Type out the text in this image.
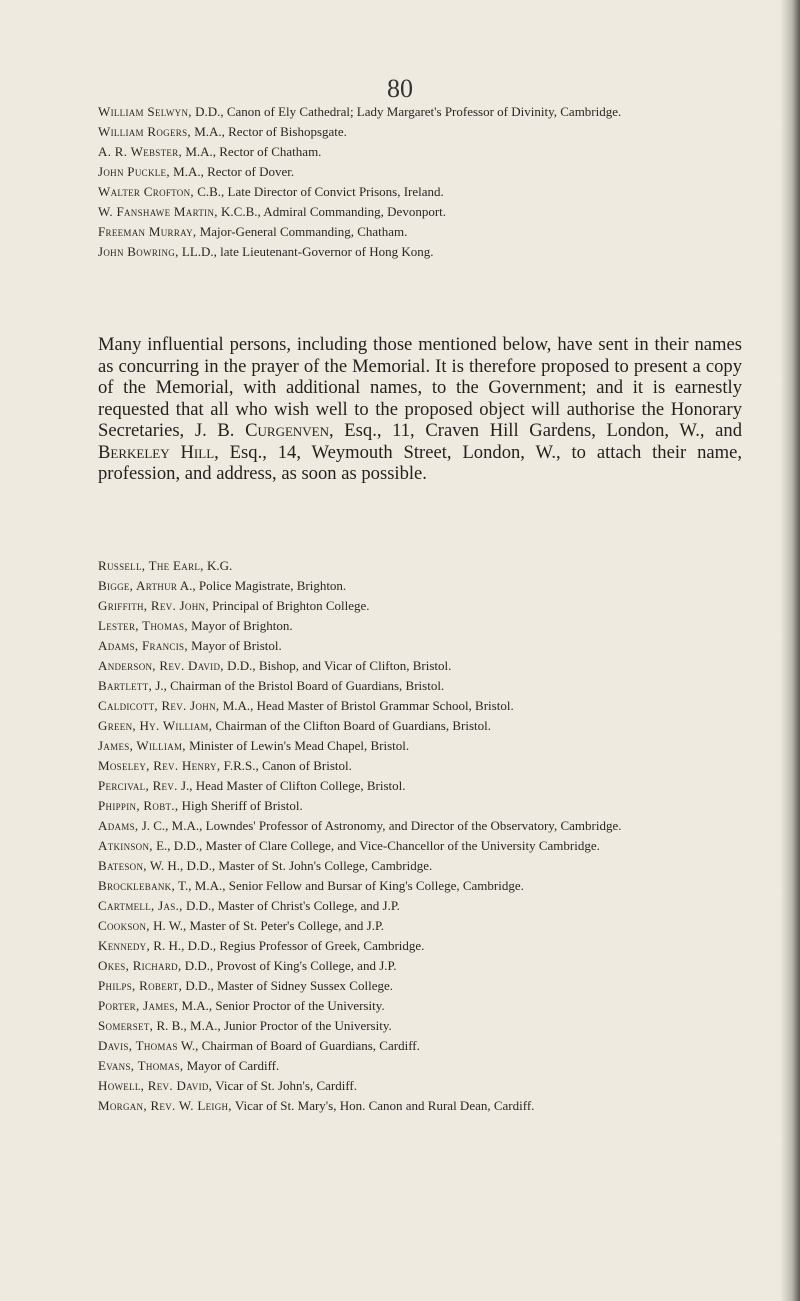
80
William Selwyn, D.D., Canon of Ely Cathedral; Lady Margaret's Professor of Divinity, Cambridge.
William Rogers, M.A., Rector of Bishopsgate.
A. R. Webster, M.A., Rector of Chatham.
John Puckle, M.A., Rector of Dover.
Walter Crofton, C.B., Late Director of Convict Prisons, Ireland.
W. Fanshawe Martin, K.C.B., Admiral Commanding, Devonport.
Freeman Murray, Major-General Commanding, Chatham.
John Bowring, LL.D., late Lieutenant-Governor of Hong Kong.
Many influential persons, including those mentioned below, have sent in their names as concurring in the prayer of the Memorial. It is therefore proposed to present a copy of the Memorial, with additional names, to the Government; and it is earnestly requested that all who wish well to the proposed object will authorise the Honorary Secretaries, J. B. Curgenven, Esq., 11, Craven Hill Gardens, London, W., and Berkeley Hill, Esq., 14, Weymouth Street, London, W., to attach their name, profession, and address, as soon as possible.
Russell, The Earl, K.G.
Bigge, Arthur A., Police Magistrate, Brighton.
Griffith, Rev. John, Principal of Brighton College.
Lester, Thomas, Mayor of Brighton.
Adams, Francis, Mayor of Bristol.
Anderson, Rev. David, D.D., Bishop, and Vicar of Clifton, Bristol.
Bartlett, J., Chairman of the Bristol Board of Guardians, Bristol.
Caldicott, Rev. John, M.A., Head Master of Bristol Grammar School, Bristol.
Green, Hy. William, Chairman of the Clifton Board of Guardians, Bristol.
James, William, Minister of Lewin's Mead Chapel, Bristol.
Moseley, Rev. Henry, F.R.S., Canon of Bristol.
Percival, Rev. J., Head Master of Clifton College, Bristol.
Phippin, Robt., High Sheriff of Bristol.
Adams, J. C., M.A., Lowndes' Professor of Astronomy, and Director of the Observatory, Cambridge.
Atkinson, E., D.D., Master of Clare College, and Vice-Chancellor of the University Cambridge.
Bateson, W. H., D.D., Master of St. John's College, Cambridge.
Brocklebank, T., M.A., Senior Fellow and Bursar of King's College, Cambridge.
Cartmell, Jas., D.D., Master of Christ's College, and J.P.
Cookson, H. W., Master of St. Peter's College, and J.P.
Kennedy, R. H., D.D., Regius Professor of Greek, Cambridge.
Okes, Richard, D.D., Provost of King's College, and J.P.
Philps, Robert, D.D., Master of Sidney Sussex College.
Porter, James, M.A., Senior Proctor of the University.
Somerset, R. B., M.A., Junior Proctor of the University.
Davis, Thomas W., Chairman of Board of Guardians, Cardiff.
Evans, Thomas, Mayor of Cardiff.
Howell, Rev. David, Vicar of St. John's, Cardiff.
Morgan, Rev. W. Leigh, Vicar of St. Mary's, Hon. Canon and Rural Dean, Cardiff.
